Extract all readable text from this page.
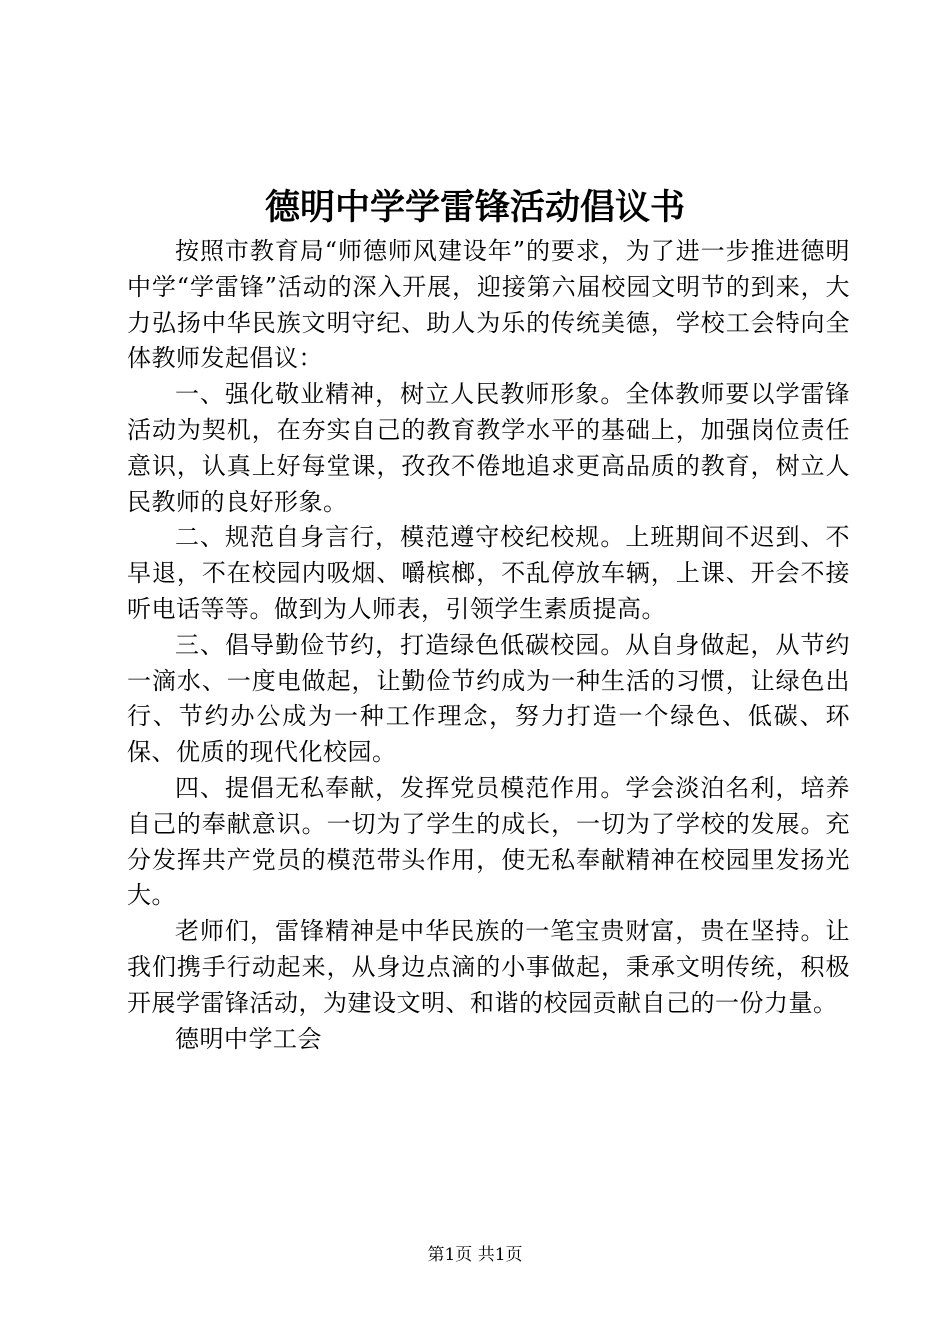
德明中学学雷锋活动倡议书

按照市教育局“师德师风建设年”的要求，为了进一步推进德明中学“学雷锋”活动的深入开展，迎接第六届校园文明节的到来，大力弘扬中华民族文明守纪、助人为乐的传统美德，学校工会特向全体教师发起倡议：

一、强化敬业精神，树立人民教师形象。全体教师要以学雷锋活动为契机，在夯实自己的教育教学水平的基础上，加强岗位责任意识，认真上好每堂课，孜孜不倦地追求更高品质的教育，树立人民教师的良好形象。

二、规范自身言行，模范遵守校纪校规。上班期间不迟到、不早退，不在校园内吸烟、嚼槟榔，不乱停放车辆，上课、开会不接听电话等等。做到为人师表，引领学生素质提高。

三、倡导勤俭节约，打造绿色低碳校园。从自身做起，从节约一滴水、一度电做起，让勤俭节约成为一种生活的习惯，让绿色出行、节约办公成为一种工作理念，努力打造一个绿色、低碳、环保、优质的现代化校园。

四、提倡无私奉献，发挥党员模范作用。学会淡泊名利，培养自己的奉献意识。一切为了学生的成长，一切为了学校的发展。充分发挥共产党员的模范带头作用，使无私奉献精神在校园里发扬光大。

老师们，雷锋精神是中华民族的一笔宝贵财富，贵在坚持。让我们携手行动起来，从身边点滴的小事做起，秉承文明传统，积极开展学雷锋活动，为建设文明、和谐的校园贡献自己的一份力量。

德明中学工会

第1页 共1页
